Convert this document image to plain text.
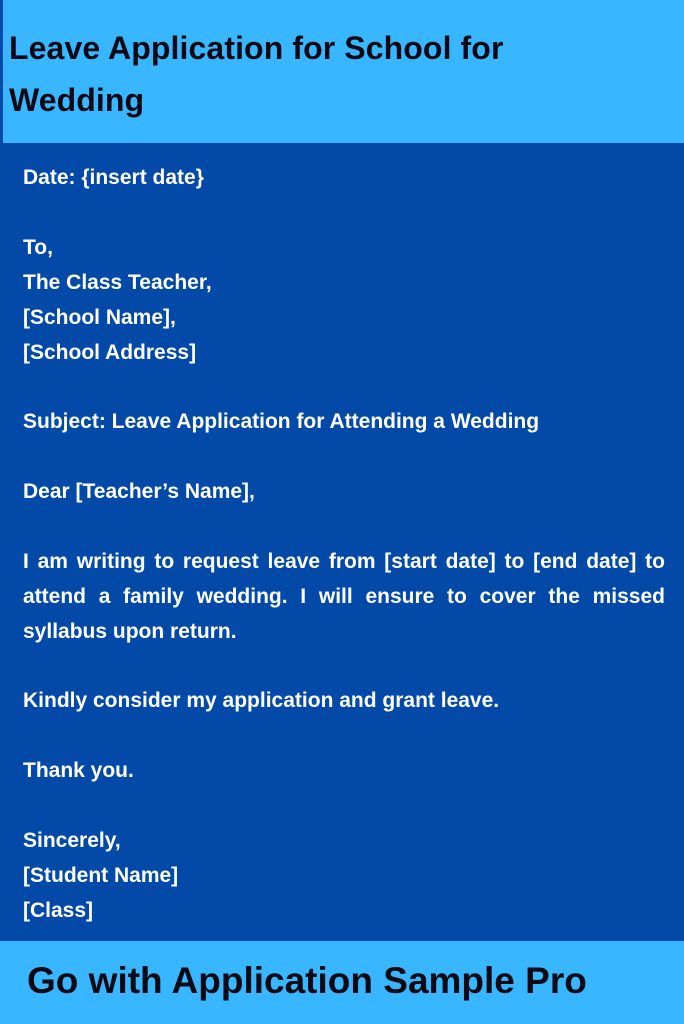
Leave Application for School for Wedding

Date: {insert date}

To,

The Class Teacher,

[School Name],

[School Address]

Subject: Leave Application for Attending a Wedding

Dear [Teacher’s Name],

I am writing to request leave from [start date] to [end date] to attend a family wedding. I will ensure to cover the missed syllabus upon return.

Kindly consider my application and grant leave.

Thank you.

Sincerely,

[Student Name]

[Class]

Go with Application Sample Pro
